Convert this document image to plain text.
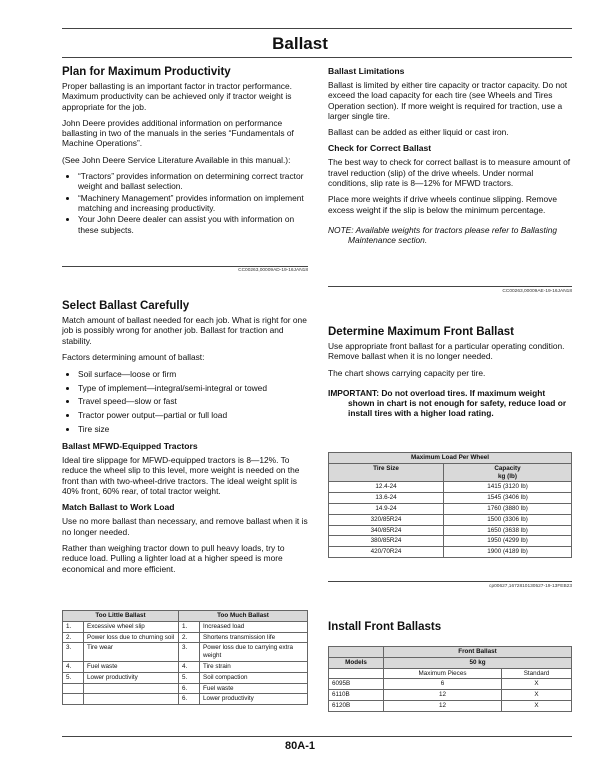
Ballast
Plan for Maximum Productivity

Proper ballasting is an important factor in tractor performance. Maximum productivity can be achieved only if tractor weight is appropriate for the job.

John Deere provides additional information on performance ballasting in two of the manuals in the series “Fundamentals of Machine Operations”.

(See John Deere Service Literature Available in this manual.):

• “Tractors” provides information on determining correct tractor weight and ballast selection.
• “Machinery Management” provides information on implement matching and increasing productivity.
• Your John Deere dealer can assist you with information on these subjects.
CC00263,00009AD-19-16JAN18
Select Ballast Carefully

Match amount of ballast needed for each job. What is right for one job is possibly wrong for another job. Ballast for traction and stability.

Factors determining amount of ballast:

• Soil surface—loose or firm
• Type of implement—integral/semi-integral or towed
• Travel speed—slow or fast
• Tractor power output—partial or full load
• Tire size
Ballast MFWD-Equipped Tractors

Ideal tire slippage for MFWD-equipped tractors is 8—12%. To reduce the wheel slip to this level, more weight is needed on the front than with two-wheel-drive tractors. The ideal weight split is 40% front, 60% rear, of total tractor weight.

Match Ballast to Work Load

Use no more ballast than necessary, and remove ballast when it is no longer needed.

Rather than weighing tractor down to pull heavy loads, try to reduce load. Pulling a lighter load at a higher speed is more economical and more efficient.

Too Little Ballast		Too Much Ballast	
1.	Excessive wheel slip	1.	Increased load
2.	Power loss due to churning soil	2.	Shortens transmission life
3.	Tire wear	3.	Power loss due to carrying extra weight
4.	Fuel waste	4.	Tire strain
5.	Lower productivity	5.	Soil compaction
		6.	Fuel waste
		6.	Lower productivity
Ballast Limitations

Ballast is limited by either tire capacity or tractor capacity. Do not exceed the load capacity for each tire (see Wheels and Tires Operation section). If more weight is required for traction, use a larger single tire.

Ballast can be added as either liquid or cast iron.

Check for Correct Ballast

The best way to check for correct ballast is to measure amount of travel reduction (slip) of the drive wheels. Under normal conditions, slip rate is 8—12% for MFWD tractors.

Place more weights if drive wheels continue slipping. Remove excess weight if the slip is below the minimum percentage.

NOTE: Available weights for tractors please refer to Ballasting Maintenance section.

CC00263,00009AE-19-16JAN18
Determine Maximum Front Ballast

Use appropriate front ballast for a particular operating condition. Remove ballast when it is no longer needed.

The chart shows carrying capacity per tire.

IMPORTANT: Do not overload tires. If maximum weight shown in chart is not enough for safety, reduce load or install tires with a higher load rating.

Maximum Load Per Wheel	
Tire Size	Capacity
kg (lb)

12.4-24	1415 (3120 lb)
13.6-24	1545 (3406 lb)
14.9-24	1760 (3880 lb)
320/85R24	1500 (3306 lb)
340/85R24	1650 (3638 lb)
380/85R24	1950 (4299 lb)
420/70R24	1900 (4189 lb)
cp00627,1672810130527-19-13FEB23
Install Front Ballasts
	Front Ballast	
Models	50 kg	
	Maximum Pieces	Standard
6095B	6	X
6110B	12	X
6120B	12	X
80A-1
